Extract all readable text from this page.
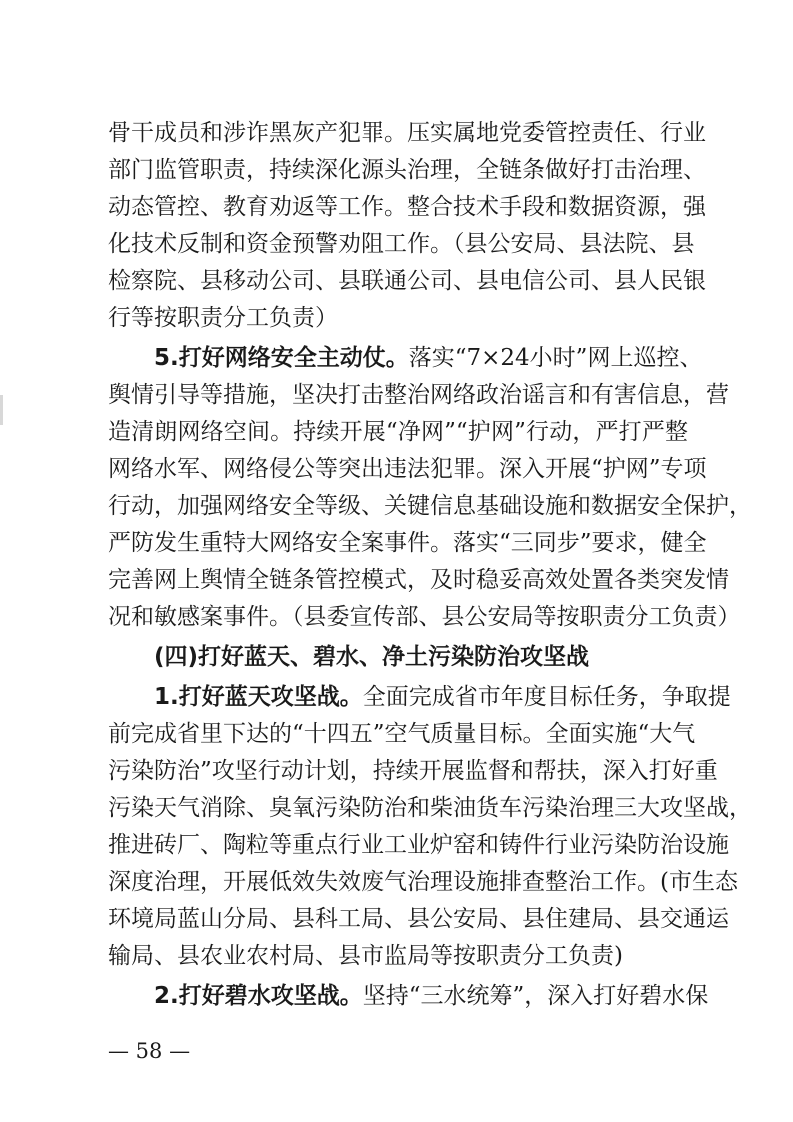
骨干成员和涉诈黑灰产犯罪。压实属地党委管控责任、行业
部门监管职责，持续深化源头治理，全链条做好打击治理、
动态管控、教育劝返等工作。整合技术手段和数据资源，强
化技术反制和资金预警劝阻工作。（县公安局、县法院、县
检察院、县移动公司、县联通公司、县电信公司、县人民银
行等按职责分工负责）
5.打好网络安全主动仗。落实“7×24小时”网上巡控、
舆情引导等措施，坚决打击整治网络政治谣言和有害信息，营
造清朗网络空间。持续开展“净网”“护网”行动，严打严整
网络水军、网络侵公等突出违法犯罪。深入开展“护网”专项
行动，加强网络安全等级、关键信息基础设施和数据安全保护，
严防发生重特大网络安全案事件。落实“三同步”要求，健全
完善网上舆情全链条管控模式，及时稳妥高效处置各类突发情
况和敏感案事件。（县委宣传部、县公安局等按职责分工负责）
(四)打好蓝天、碧水、净土污染防治攻坚战
1.打好蓝天攻坚战。全面完成省市年度目标任务，争取提
前完成省里下达的“十四五”空气质量目标。全面实施“大气
污染防治”攻坚行动计划，持续开展监督和帮扶，深入打好重
污染天气消除、臭氧污染防治和柴油货车污染治理三大攻坚战，
推进砖厂、陶粒等重点行业工业炉窑和铸件行业污染防治设施
深度治理，开展低效失效废气治理设施排查整治工作。(市生态
环境局蓝山分局、县科工局、县公安局、县住建局、县交通运
输局、县农业农村局、县市监局等按职责分工负责)
2.打好碧水攻坚战。坚持“三水统筹”，深入打好碧水保
— 58 —
